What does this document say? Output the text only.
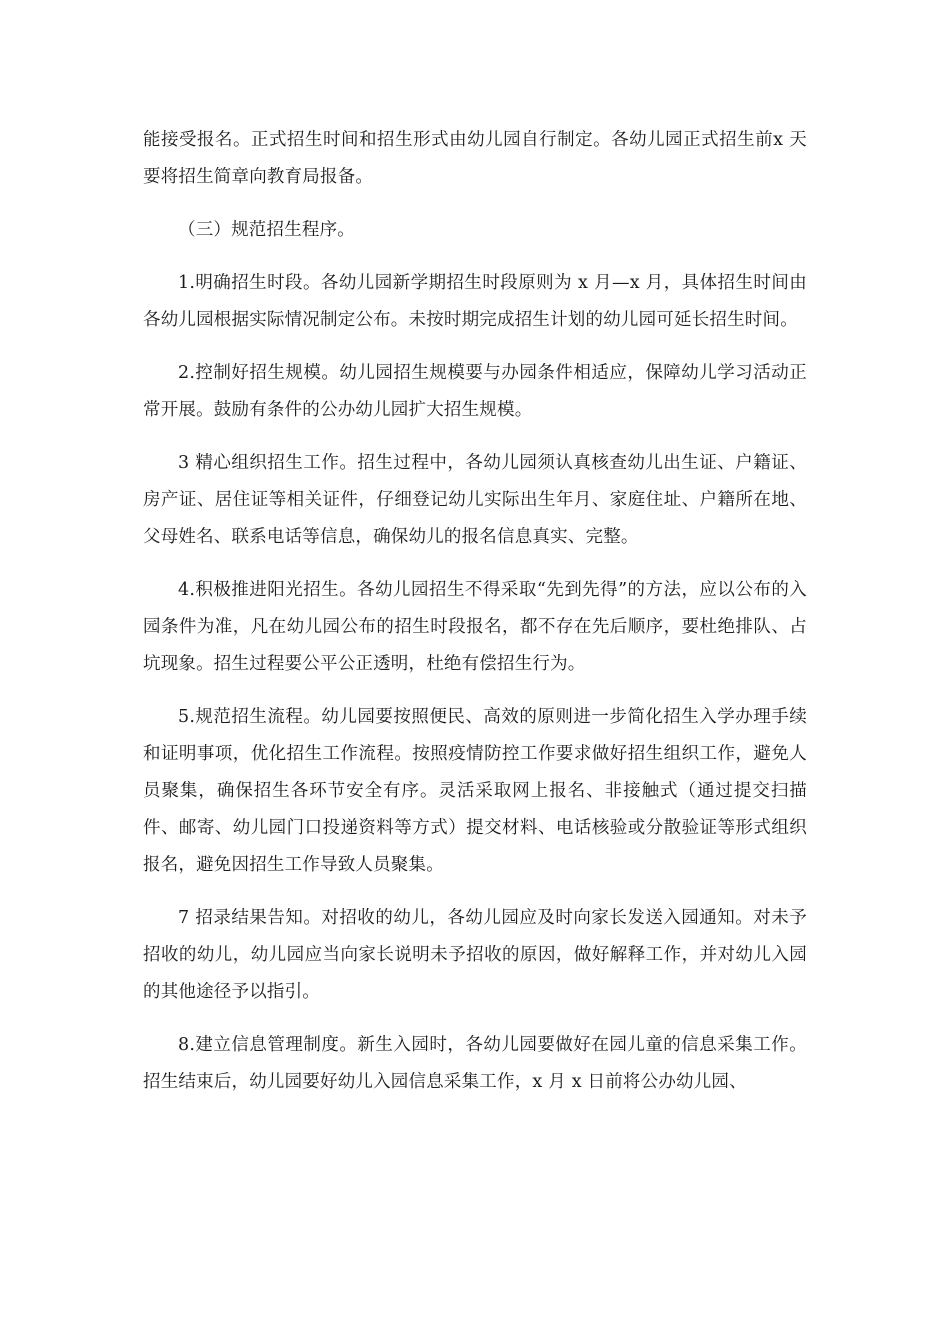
能接受报名。正式招生时间和招生形式由幼儿园自行制定。各幼儿园正式招生前x 天要将招生简章向教育局报备。

（三）规范招生程序。

1.明确招生时段。各幼儿园新学期招生时段原则为 x 月—x 月，具体招生时间由各幼儿园根据实际情况制定公布。未按时期完成招生计划的幼儿园可延长招生时间。

2.控制好招生规模。幼儿园招生规模要与办园条件相适应，保障幼儿学习活动正常开展。鼓励有条件的公办幼儿园扩大招生规模。

3 精心组织招生工作。招生过程中，各幼儿园须认真核查幼儿出生证、户籍证、房产证、居住证等相关证件，仔细登记幼儿实际出生年月、家庭住址、户籍所在地、父母姓名、联系电话等信息，确保幼儿的报名信息真实、完整。

4.积极推进阳光招生。各幼儿园招生不得采取“先到先得”的方法，应以公布的入园条件为准，凡在幼儿园公布的招生时段报名，都不存在先后顺序，要杜绝排队、占坑现象。招生过程要公平公正透明，杜绝有偿招生行为。

5.规范招生流程。幼儿园要按照便民、高效的原则进一步简化招生入学办理手续和证明事项，优化招生工作流程。按照疫情防控工作要求做好招生组织工作，避免人员聚集，确保招生各环节安全有序。灵活采取网上报名、非接触式（通过提交扫描件、邮寄、幼儿园门口投递资料等方式）提交材料、电话核验或分散验证等形式组织报名，避免因招生工作导致人员聚集。

7 招录结果告知。对招收的幼儿，各幼儿园应及时向家长发送入园通知。对未予招收的幼儿，幼儿园应当向家长说明未予招收的原因，做好解释工作，并对幼儿入园的其他途径予以指引。

8.建立信息管理制度。新生入园时，各幼儿园要做好在园儿童的信息采集工作。招生结束后，幼儿园要好幼儿入园信息采集工作，x 月 x 日前将公办幼儿园、
